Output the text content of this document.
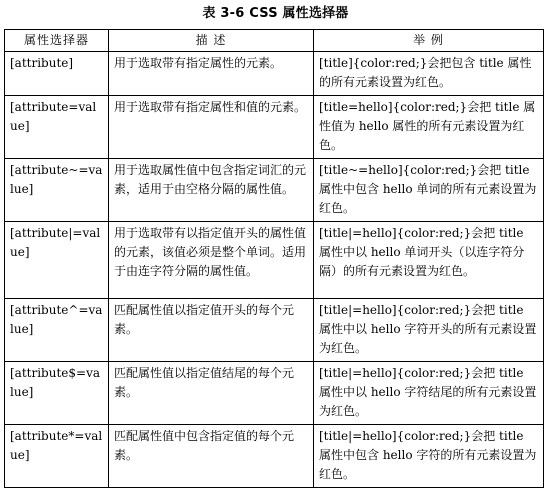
表 3-6 CSS 属性选择器
属性选择器	描 述	举 例
[attribute]	用于选取带有指定属性的元素。	[title]{color:red;}会把包含 title 属性的所有元素设置为红色。
[attribute=value]	用于选取带有指定属性和值的元素。	[title=hello]{color:red;}会把 title 属性值为 hello 属性的所有元素设置为红色。
[attribute~=value]	用于选取属性值中包含指定词汇的元素，适用于由空格分隔的属性值。	[title~=hello]{color:red;}会把 title 属性中包含 hello 单词的所有元素设置为红色。
[attribute|=value]	用于选取带有以指定值开头的属性值的元素，该值必须是整个单词。适用于由连字符分隔的属性值。	[title|=hello]{color:red;}会把 title 属性中以 hello 单词开头（以连字符分隔）的所有元素设置为红色。
[attribute^=value]	匹配属性值以指定值开头的每个元素。	[title|=hello]{color:red;}会把 title 属性中以 hello 字符开头的所有元素设置为红色。
[attribute$=value]	匹配属性值以指定值结尾的每个元素。	[title|=hello]{color:red;}会把 title 属性中以 hello 字符结尾的所有元素设置为红色。
[attribute*=value]	匹配属性值中包含指定值的每个元素。	[title|=hello]{color:red;}会把 title 属性中包含 hello 字符的所有元素设置为红色。
